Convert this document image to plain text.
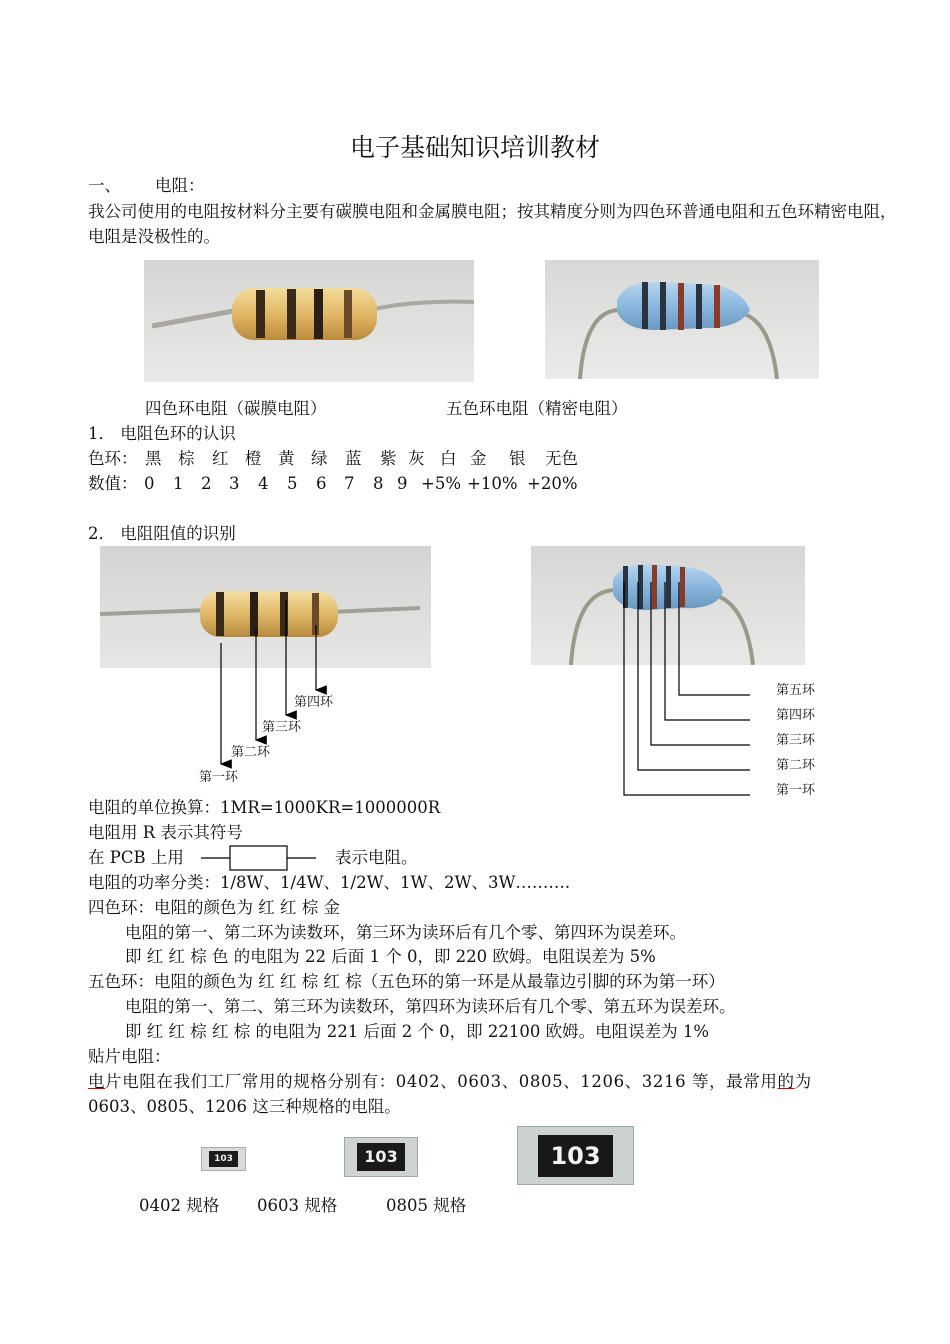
电子基础知识培训教材
一、 电阻：
我公司使用的电阻按材料分主要有碳膜电阻和金属膜电阻；按其精度分则为四色环普通电阻和五色环精密电阻，电阻是没极性的。
四色环电阻（碳膜电阻）	五色环电阻（精密电阻）
1． 电阻色环的认识
色环： 黑 棕 红 橙 黄 绿 蓝 紫 灰 白 金 银 无色
数值： 0 1 2 3 4 5 6 7 8 9 +5% +10% +20%
2． 电阻阻值的识别
第四环
第三环
第二环
第一环
第五环
第四环
第三环
第二环
第一环
电阻的单位换算：1MR=1000KR=1000000R
电阻用 R 表示其符号
在 PCB 上用	表示电阻。
电阻的功率分类：1/8W、1/4W、1/2W、1W、2W、3W……….
四色环：电阻的颜色为 红 红 棕 金
电阻的第一、第二环为读数环，第三环为读环后有几个零、第四环为误差环。
即 红 红 棕 色 的电阻为 22 后面 1 个 0，即 220 欧姆。电阻误差为 5%
五色环：电阻的颜色为 红 红 棕 红 棕（五色环的第一环是从最靠边引脚的环为第一环）
电阻的第一、第二、第三环为读数环，第四环为读环后有几个零、第五环为误差环。
即 红 红 棕 红 棕 的电阻为 221 后面 2 个 0，即 22100 欧姆。电阻误差为 1%
贴片电阻：
电片电阻在我们工厂常用的规格分别有：0402、0603、0805、1206、3216 等，最常用的为
0603、0805、1206 这三种规格的电阻。
103	103	103
0402 规格 0603 规格	0805 规格
